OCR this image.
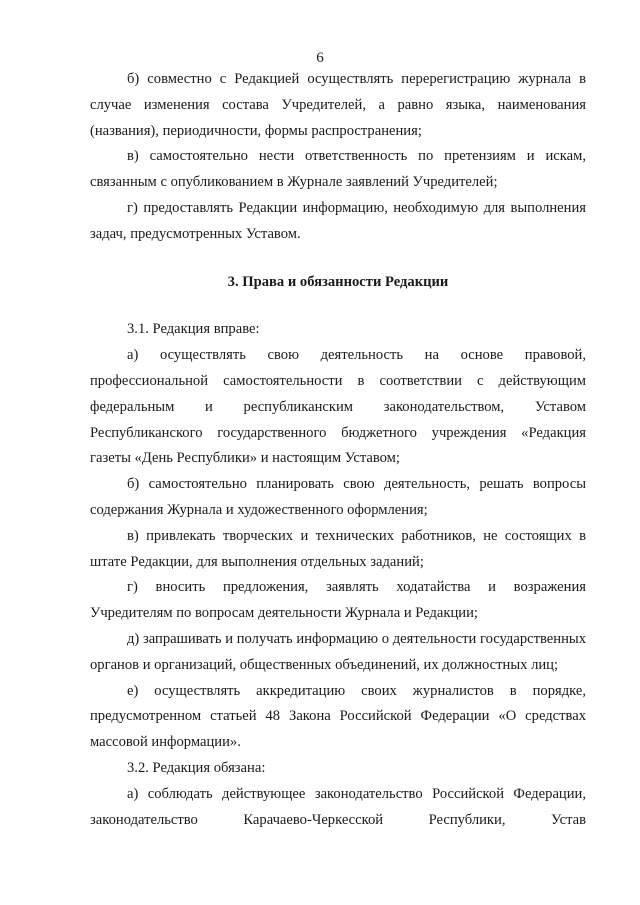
6

б) совместно с Редакцией осуществлять перерегистрацию журнала в случае изменения состава Учредителей, а равно языка, наименования (названия), периодичности, формы распространения;

в) самостоятельно нести ответственность по претензиям и искам, связанным с опубликованием в Журнале заявлений Учредителей;

г) предоставлять Редакции информацию, необходимую для выполнения задач, предусмотренных Уставом.

3. Права и обязанности Редакции

3.1. Редакция вправе:

а) осуществлять свою деятельность на основе правовой, профессиональной самостоятельности в соответствии с действующим федеральным и республиканским законодательством, Уставом Республиканского государственного бюджетного учреждения «Редакция газеты «День Республики» и настоящим Уставом;

б) самостоятельно планировать свою деятельность, решать вопросы содержания Журнала и художественного оформления;

в) привлекать творческих и технических работников, не состоящих в штате Редакции, для выполнения отдельных заданий;

г) вносить предложения, заявлять ходатайства и возражения Учредителям по вопросам деятельности Журнала и Редакции;

д) запрашивать и получать информацию о деятельности государственных органов и организаций, общественных объединений, их должностных лиц;

е) осуществлять аккредитацию своих журналистов в порядке, предусмотренном статьей 48 Закона Российской Федерации «О средствах массовой информации».

3.2. Редакция обязана:

а) соблюдать действующее законодательство Российской Федерации, законодательство Карачаево-Черкесской Республики, Устав
